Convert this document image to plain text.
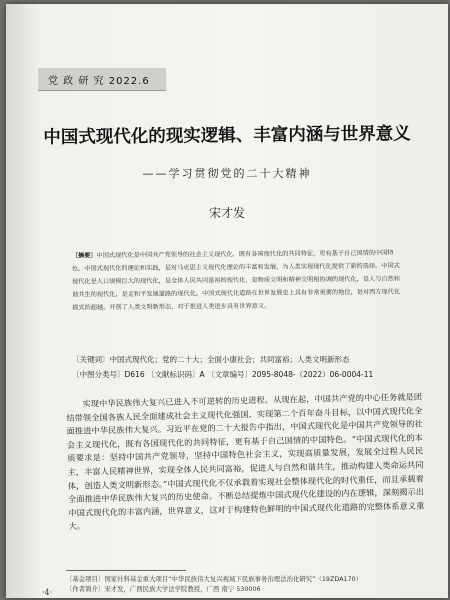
党 政 研 究 2022.6
中国式现代化的现实逻辑、丰富内涵与世界意义
——学习贯彻党的二十大精神
宋才发
〔摘要〕中国式现代化是中国共产党领导的社会主义现代化，既有各国现代化的共同特征，更有基于自己国情的中国特色。中国式现代化的理论和实践，是对马克思主义现代化理论的丰富和发展，为人类实现现代化提供了新的选择。中国式现代化是人口规模巨大的现代化，是全体人民共同富裕的现代化，是物质文明和精神文明相协调的现代化，是人与自然和谐共生的现代化，是走和平发展道路的现代化。中国式现代化道路在世界发展史上具有非常重要的地位，是对西方现代化模式的超越，开创了人类文明新形态，对于推进人类进步具有世界意义。
〔关键词〕中国式现代化；党的二十大；全面小康社会；共同富裕；人类文明新形态
〔中图分类号〕D616 〔文献标识码〕A 〔文章编号〕2095-8048-（2022）06-0004-11
实现中华民族伟大复兴已进入不可逆转的历史进程。从现在起，中国共产党的中心任务就是团结带领全国各族人民全面建成社会主义现代化强国、实现第二个百年奋斗目标，以中国式现代化全面推进中华民族伟大复兴。习近平在党的二十大报告中指出，中国式现代化是中国共产党领导的社会主义现代化，既有各国现代化的共同特征，更有基于自己国情的中国特色。“中国式现代化的本质要求是：坚持中国共产党领导，坚持中国特色社会主义，实现高质量发展，发展全过程人民民主，丰富人民精神世界，实现全体人民共同富裕，促进人与自然和谐共生，推动构建人类命运共同体，创造人类文明新形态。”中国式现代化不仅承载着实现社会整体现代化的时代重任，而且承载着全面推进中华民族伟大复兴的历史使命。不断总结提炼中国式现代化建设的内在逻辑，深刻揭示出中国式现代化的丰富内涵，世界意义，这对于构建特色鲜明的中国式现代化道路的完整体系意义重大。
〔基金项目〕国家社科基金重大项目“中华民族伟大复兴视域下民族事务治理法治化研究”（19ZDA170）
〔作者简介〕宋才发，广西民族大学法学院教授，广西 南宁 530006
·4·
